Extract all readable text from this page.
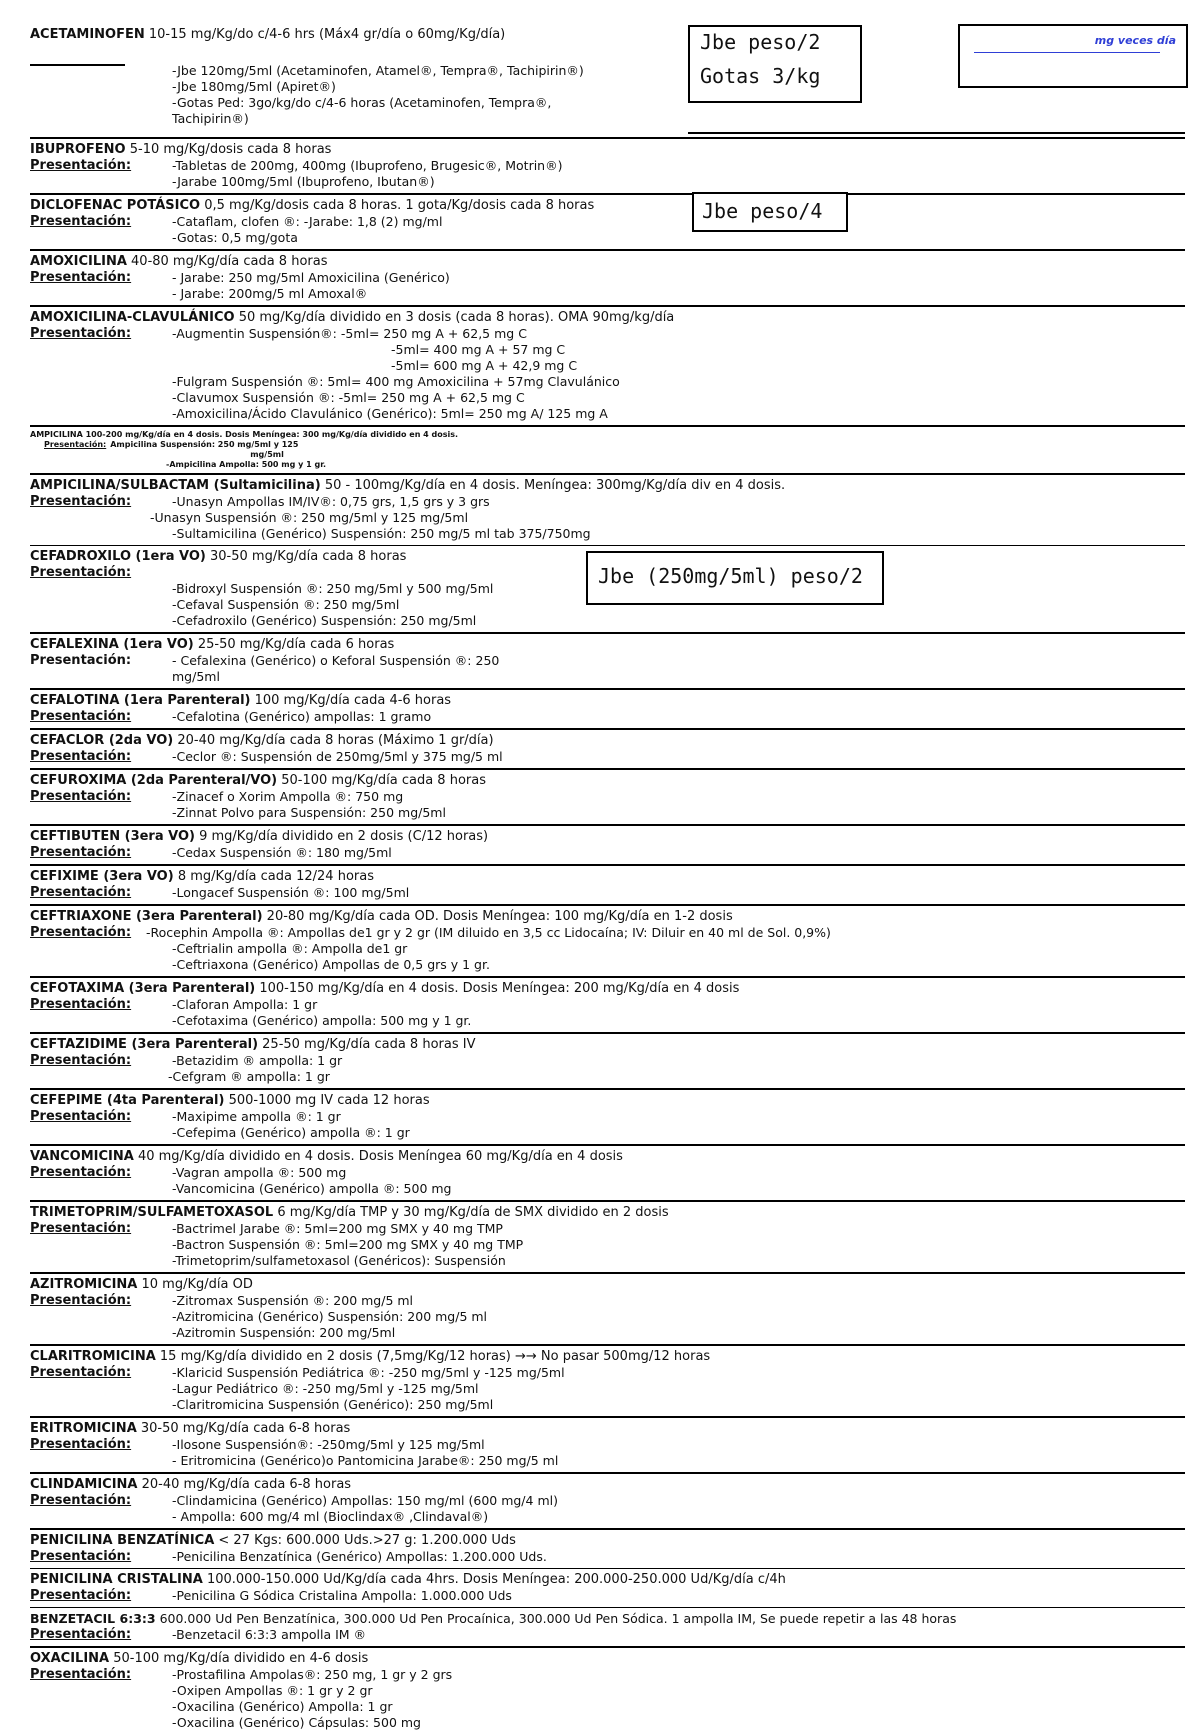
ACETAMINOFEN 10-15 mg/Kg/do c/4-6 hrs (Máx4 gr/día o 60mg/Kg/día)
-Jbe 120mg/5ml (Acetaminofen, Atamel®, Tempra®, Tachipirin®)
-Jbe 180mg/5ml (Apiret®)
-Gotas Ped: 3go/kg/do c/4-6 horas (Acetaminofen, Tempra®,
Tachipirin®)
IBUPROFENO 5-10 mg/Kg/dosis cada 8 horas
Presentación:	-Tabletas de 200mg, 400mg (Ibuprofeno, Brugesic®, Motrin®)
-Jarabe 100mg/5ml (Ibuprofeno, Ibutan®)
DICLOFENAC POTÁSICO 0,5 mg/Kg/dosis cada 8 horas. 1 gota/Kg/dosis cada 8 horas
Presentación:	-Cataflam, clofen ®: -Jarabe: 1,8 (2) mg/ml
-Gotas: 0,5 mg/gota
AMOXICILINA 40-80 mg/Kg/día cada 8 horas
Presentación:	- Jarabe: 250 mg/5ml Amoxicilina (Genérico)
- Jarabe: 200mg/5 ml Amoxal®
AMOXICILINA-CLAVULÁNICO 50 mg/Kg/día dividido en 3 dosis (cada 8 horas). OMA 90mg/kg/día
Presentación:	-Augmentin Suspensión®: -5ml= 250 mg A + 62,5 mg C
-5ml= 400 mg A + 57 mg C
-5ml= 600 mg A + 42,9 mg C
-Fulgram Suspensión ®: 5ml= 400 mg Amoxicilina + 57mg Clavulánico
-Clavumox Suspensión ®: -5ml= 250 mg A + 62,5 mg C
-Amoxicilina/Ácido Clavulánico (Genérico): 5ml= 250 mg A/ 125 mg A
AMPICILINA 100-200 mg/Kg/día en 4 dosis. Dosis Meníngea: 300 mg/Kg/día dividido en 4 dosis.
Presentación: Ampicilina Suspensión: 250 mg/5ml y 125
mg/5ml
-Ampicilina Ampolla: 500 mg y 1 gr.
AMPICILINA/SULBACTAM (Sultamicilina) 50 - 100mg/Kg/día en 4 dosis. Meníngea: 300mg/Kg/día div en 4 dosis.
Presentación:	-Unasyn Ampollas IM/IV®: 0,75 grs, 1,5 grs y 3 grs
-Unasyn Suspensión ®: 250 mg/5ml y 125 mg/5ml
-Sultamicilina (Genérico) Suspensión: 250 mg/5 ml tab 375/750mg
CEFADROXILO (1era VO) 30-50 mg/Kg/día cada 8 horas
Presentación:
-Bidroxyl Suspensión ®: 250 mg/5ml y 500 mg/5ml
-Cefaval Suspensión ®: 250 mg/5ml
-Cefadroxilo (Genérico) Suspensión: 250 mg/5ml
CEFALEXINA (1era VO) 25-50 mg/Kg/día cada 6 horas
Presentación:	- Cefalexina (Genérico) o Keforal Suspensión ®: 250
mg/5ml
CEFALOTINA (1era Parenteral) 100 mg/Kg/día cada 4-6 horas
Presentación:	-Cefalotina (Genérico) ampollas: 1 gramo
CEFACLOR (2da VO) 20-40 mg/Kg/día cada 8 horas (Máximo 1 gr/día)
Presentación:	-Ceclor ®: Suspensión de 250mg/5ml y 375 mg/5 ml
CEFUROXIMA (2da Parenteral/VO) 50-100 mg/Kg/día cada 8 horas
Presentación:	-Zinacef o Xorim Ampolla ®: 750 mg
-Zinnat Polvo para Suspensión: 250 mg/5ml
CEFTIBUTEN (3era VO) 9 mg/Kg/día dividido en 2 dosis (C/12 horas)
Presentación:	-Cedax Suspensión ®: 180 mg/5ml
CEFIXIME (3era VO) 8 mg/Kg/día cada 12/24 horas
Presentación:	-Longacef Suspensión ®: 100 mg/5ml
CEFTRIAXONE (3era Parenteral) 20-80 mg/Kg/día cada OD. Dosis Meníngea: 100 mg/Kg/día en 1-2 dosis
Presentación:	-Rocephin Ampolla ®: Ampollas de1 gr y 2 gr (IM diluido en 3,5 cc Lidocaína; IV: Diluir en 40 ml de Sol. 0,9%)
-Ceftrialin ampolla ®: Ampolla de1 gr
-Ceftriaxona (Genérico) Ampollas de 0,5 grs y 1 gr.
CEFOTAXIMA (3era Parenteral) 100-150 mg/Kg/día en 4 dosis. Dosis Meníngea: 200 mg/Kg/día en 4 dosis
Presentación:	-Claforan Ampolla: 1 gr
-Cefotaxima (Genérico) ampolla: 500 mg y 1 gr.
CEFTAZIDIME (3era Parenteral) 25-50 mg/Kg/día cada 8 horas IV
Presentación:	-Betazidim ® ampolla: 1 gr
-Cefgram ® ampolla: 1 gr
CEFEPIME (4ta Parenteral) 500-1000 mg IV cada 12 horas
Presentación:	-Maxipime ampolla ®: 1 gr
-Cefepima (Genérico) ampolla ®: 1 gr
VANCOMICINA 40 mg/Kg/día dividido en 4 dosis. Dosis Meníngea 60 mg/Kg/día en 4 dosis
Presentación:	-Vagran ampolla ®: 500 mg
-Vancomicina (Genérico) ampolla ®: 500 mg
TRIMETOPRIM/SULFAMETOXASOL 6 mg/Kg/día TMP y 30 mg/Kg/día de SMX dividido en 2 dosis
Presentación:	-Bactrimel Jarabe ®: 5ml=200 mg SMX y 40 mg TMP
-Bactron Suspensión ®: 5ml=200 mg SMX y 40 mg TMP
-Trimetoprim/sulfametoxasol (Genéricos): Suspensión
AZITROMICINA 10 mg/Kg/día OD
Presentación:	-Zitromax Suspensión ®: 200 mg/5 ml
-Azitromicina (Genérico) Suspensión: 200 mg/5 ml
-Azitromin Suspensión: 200 mg/5ml
CLARITROMICINA 15 mg/Kg/día dividido en 2 dosis (7,5mg/Kg/12 horas) →→ No pasar 500mg/12 horas
Presentación:	-Klaricid Suspensión Pediátrica ®: -250 mg/5ml y -125 mg/5ml
-Lagur Pediátrico ®: -250 mg/5ml y -125 mg/5ml
-Claritromicina Suspensión (Genérico): 250 mg/5ml
ERITROMICINA 30-50 mg/Kg/día cada 6-8 horas
Presentación:	-Ilosone Suspensión®: -250mg/5ml y 125 mg/5ml
- Eritromicina (Genérico)o Pantomicina Jarabe®: 250 mg/5 ml
CLINDAMICINA 20-40 mg/Kg/día cada 6-8 horas
Presentación:	-Clindamicina (Genérico) Ampollas: 150 mg/ml (600 mg/4 ml)
- Ampolla: 600 mg/4 ml (Bioclindax® ,Clindaval®)
PENICILINA BENZATÍNICA < 27 Kgs: 600.000 Uds.>27 g: 1.200.000 Uds
Presentación:	-Penicilina Benzatínica (Genérico) Ampollas: 1.200.000 Uds.
PENICILINA CRISTALINA 100.000-150.000 Ud/Kg/día cada 4hrs. Dosis Meníngea: 200.000-250.000 Ud/Kg/día c/4h
Presentación:	-Penicilina G Sódica Cristalina Ampolla: 1.000.000 Uds
BENZETACIL 6:3:3 600.000 Ud Pen Benzatínica, 300.000 Ud Pen Procaínica, 300.000 Ud Pen Sódica. 1 ampolla IM, Se puede repetir a las 48 horas
Presentación:	-Benzetacil 6:3:3 ampolla IM ®
OXACILINA 50-100 mg/Kg/día dividido en 4-6 dosis
Presentación:	-Prostafilina Ampolas®: 250 mg, 1 gr y 2 grs
-Oxipen Ampollas ®: 1 gr y 2 gr
-Oxacilina (Genérico) Ampolla: 1 gr
-Oxacilina (Genérico) Cápsulas: 500 mg
Jbe peso/2
Gotas 3/kg
mg veces día
Jbe peso/4
Jbe (250mg/5ml) peso/2
